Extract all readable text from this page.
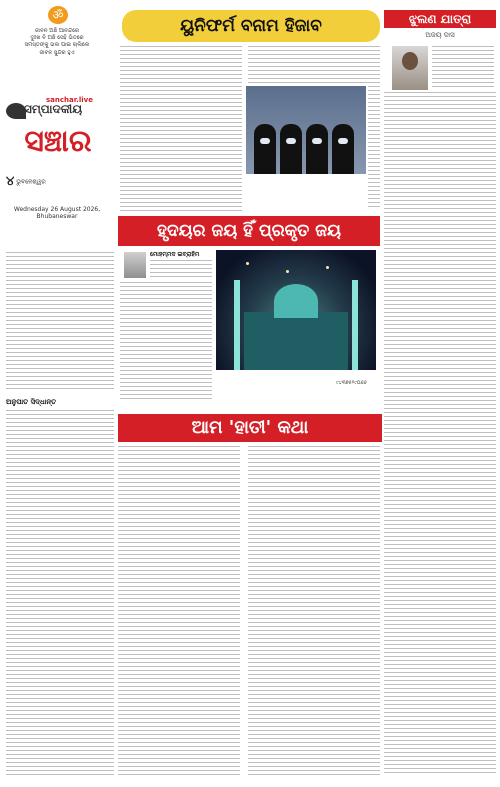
ॐ
ଜୀବନ ଅଛି ଆନନ୍ଦରେ
ଦୁଃଖ ବି ଅଛି ସେହି ଭିତରେ
ସମସ୍ତଙ୍କୁ ଭଲ ପାଇ ଚାଲିଲେ
ଜୀବନ ସୁନ୍ଦର ହୁଏ
sanchar.live
ସମ୍ପାଦକୀୟ
ସଞ୍ଚାର
୪ ଭୁବନେଶ୍ୱର
Wednesday 26 August 2026, Bhubaneswar
ୟୁନିଫର୍ମ ବନାମ ହିଜାବ	ଝୁଲଣ ଯାତ୍ରା
ଅଜୟ ଦାସ
ହୃଦୟର ଜୟ ହିଁ ପ୍ରକୃତ ଜୟ
ମୋହମ୍ମଦ ଇବ୍ରାହିମ
୯୪୩୭୫୨୯୦୬୬
ଅନୁପାତ ସିଦ୍ଧାନ୍ତ
ଆମ 'ହାତୀ' କଥା
